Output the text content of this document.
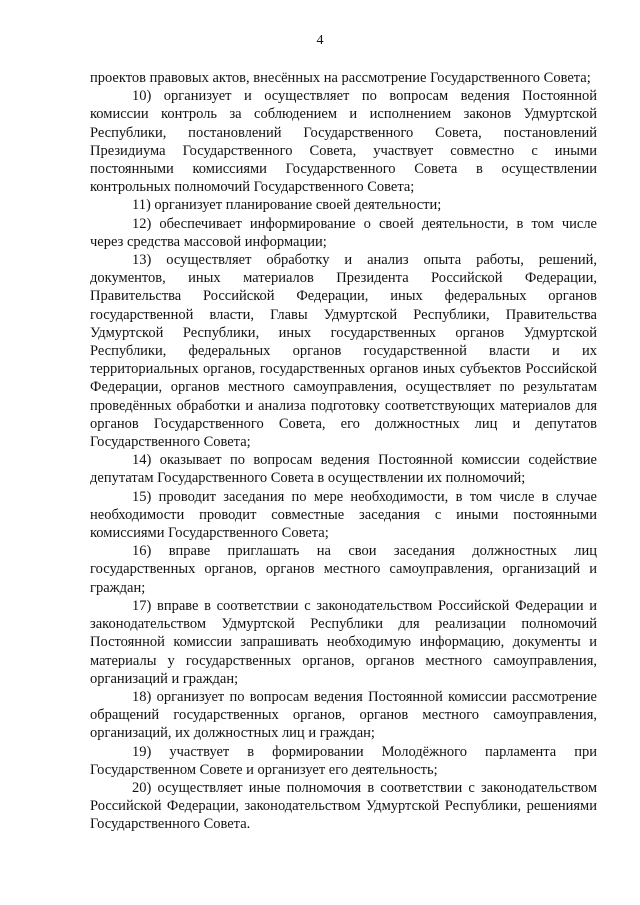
4

проектов правовых актов, внесённых на рассмотрение Государственного Совета;

10) организует и осуществляет по вопросам ведения Постоянной комиссии контроль за соблюдением и исполнением законов Удмуртской Республики, постановлений Государственного Совета, постановлений Президиума Государственного Совета, участвует совместно с иными постоянными комиссиями Государственного Совета в осуществлении контрольных полномочий Государственного Совета;

11) организует планирование своей деятельности;

12) обеспечивает информирование о своей деятельности, в том числе через средства массовой информации;

13) осуществляет обработку и анализ опыта работы, решений, документов, иных материалов Президента Российской Федерации, Правительства Российской Федерации, иных федеральных органов государственной власти, Главы Удмуртской Республики, Правительства Удмуртской Республики, иных государственных органов Удмуртской Республики, федеральных органов государственной власти и их территориальных органов, государственных органов иных субъектов Российской Федерации, органов местного самоуправления, осуществляет по результатам проведённых обработки и анализа подготовку соответствующих материалов для органов Государственного Совета, его должностных лиц и депутатов Государственного Совета;

14) оказывает по вопросам ведения Постоянной комиссии содействие депутатам Государственного Совета в осуществлении их полномочий;

15) проводит заседания по мере необходимости, в том числе в случае необходимости проводит совместные заседания с иными постоянными комиссиями Государственного Совета;

16) вправе приглашать на свои заседания должностных лиц государственных органов, органов местного самоуправления, организаций и граждан;

17) вправе в соответствии с законодательством Российской Федерации и законодательством Удмуртской Республики для реализации полномочий Постоянной комиссии запрашивать необходимую информацию, документы и материалы у государственных органов, органов местного самоуправления, организаций и граждан;

18) организует по вопросам ведения Постоянной комиссии рассмотрение обращений государственных органов, органов местного самоуправления, организаций, их должностных лиц и граждан;

19) участвует в формировании Молодёжного парламента при Государственном Совете и организует его деятельность;

20) осуществляет иные полномочия в соответствии с законодательством Российской Федерации, законодательством Удмуртской Республики, решениями Государственного Совета.
